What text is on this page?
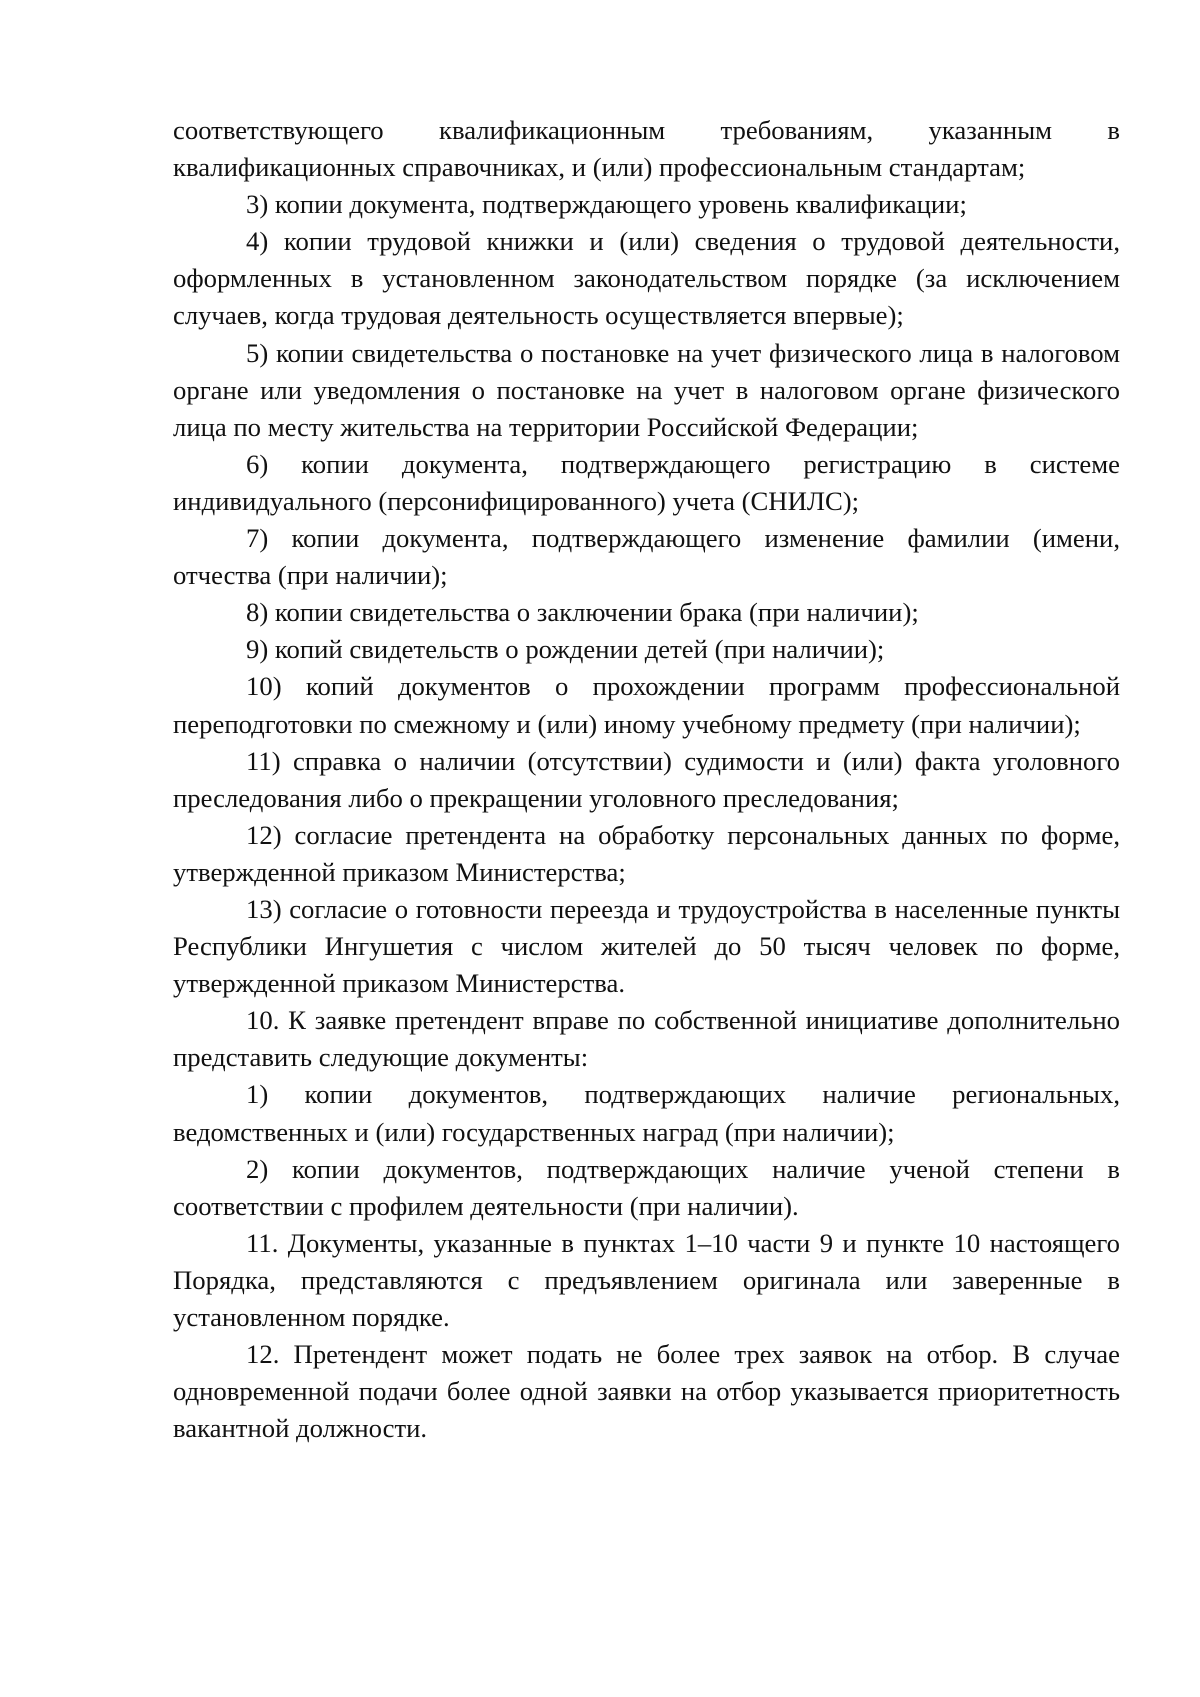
соответствующего квалификационным требованиям, указанным в квалификационных справочниках, и (или) профессиональным стандартам;

3) копии документа, подтверждающего уровень квалификации;

4) копии трудовой книжки и (или) сведения о трудовой деятельности, оформленных в установленном законодательством порядке (за исключением случаев, когда трудовая деятельность осуществляется впервые);

5) копии свидетельства о постановке на учет физического лица в налоговом органе или уведомления о постановке на учет в налоговом органе физического лица по месту жительства на территории Российской Федерации;

6) копии документа, подтверждающего регистрацию в системе индивидуального (персонифицированного) учета (СНИЛС);

7) копии документа, подтверждающего изменение фамилии (имени, отчества (при наличии);

8) копии свидетельства о заключении брака (при наличии);

9) копий свидетельств о рождении детей (при наличии);

10) копий документов о прохождении программ профессиональной переподготовки по смежному и (или) иному учебному предмету (при наличии);

11) справка о наличии (отсутствии) судимости и (или) факта уголовного преследования либо о прекращении уголовного преследования;

12) согласие претендента на обработку персональных данных по форме, утвержденной приказом Министерства;

13) согласие о готовности переезда и трудоустройства в населенные пункты Республики Ингушетия с числом жителей до 50 тысяч человек по форме, утвержденной приказом Министерства.

10. К заявке претендент вправе по собственной инициативе дополнительно представить следующие документы:

1) копии документов, подтверждающих наличие региональных, ведомственных и (или) государственных наград (при наличии);

2) копии документов, подтверждающих наличие ученой степени в соответствии с профилем деятельности (при наличии).

11. Документы, указанные в пунктах 1–10 части 9 и пункте 10 настоящего Порядка, представляются с предъявлением оригинала или заверенные в установленном порядке.

12. Претендент может подать не более трех заявок на отбор. В случае одновременной подачи более одной заявки на отбор указывается приоритетность вакантной должности.
